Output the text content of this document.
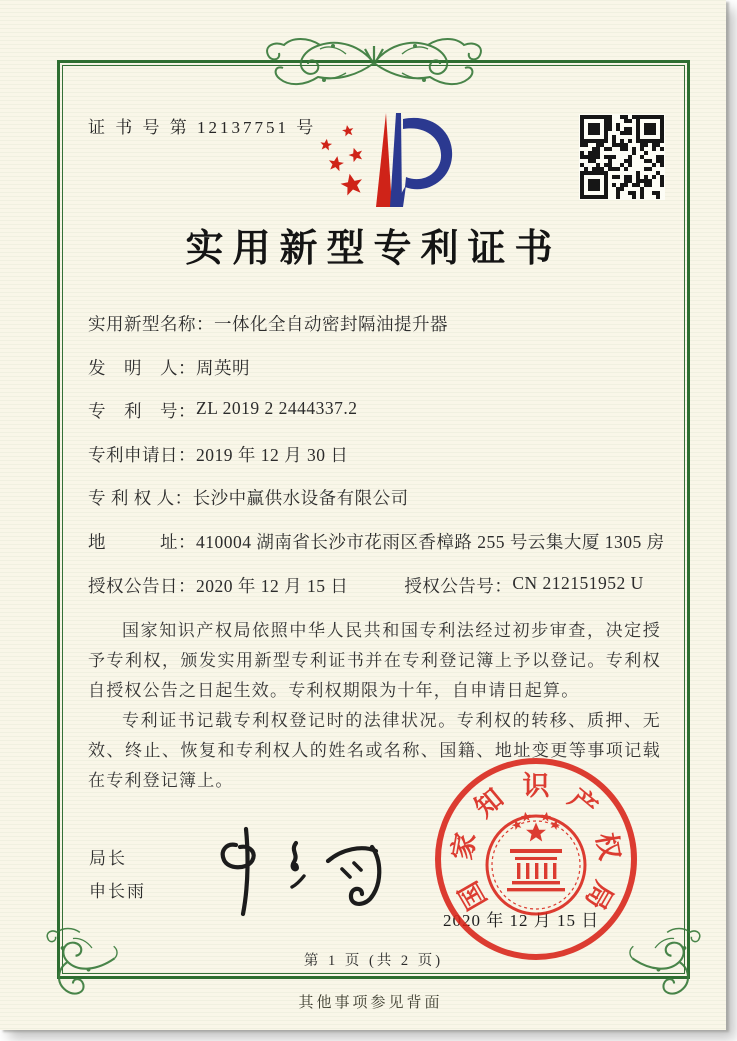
证 书 号 第 12137751 号
实用新型专利证书
实用新型名称： 一体化全自动密封隔油提升器
发　明　人： 周英明
专　利　号： ZL 2019 2 2444337.2
专利申请日： 2019 年 12 月 30 日
专 利 权 人： 长沙中赢供水设备有限公司
地　　　址： 410004 湖南省长沙市花雨区香樟路 255 号云集大厦 1305 房
授权公告日： 2020 年 12 月 15 日	授权公告号： CN 212151952 U

国家知识产权局依照中华人民共和国专利法经过初步审查，决定授予专利权，颁发实用新型专利证书并在专利登记簿上予以登记。专利权自授权公告之日起生效。专利权期限为十年，自申请日起算。

专利证书记载专利权登记时的法律状况。专利权的转移、质押、无效、终止、恢复和专利权人的姓名或名称、国籍、地址变更等事项记载在专利登记簿上。

局长
申长雨
2020 年 12 月 15 日
国
家
知 识 产
权
局
第 1 页 (共 2 页)
其他事项参见背面
